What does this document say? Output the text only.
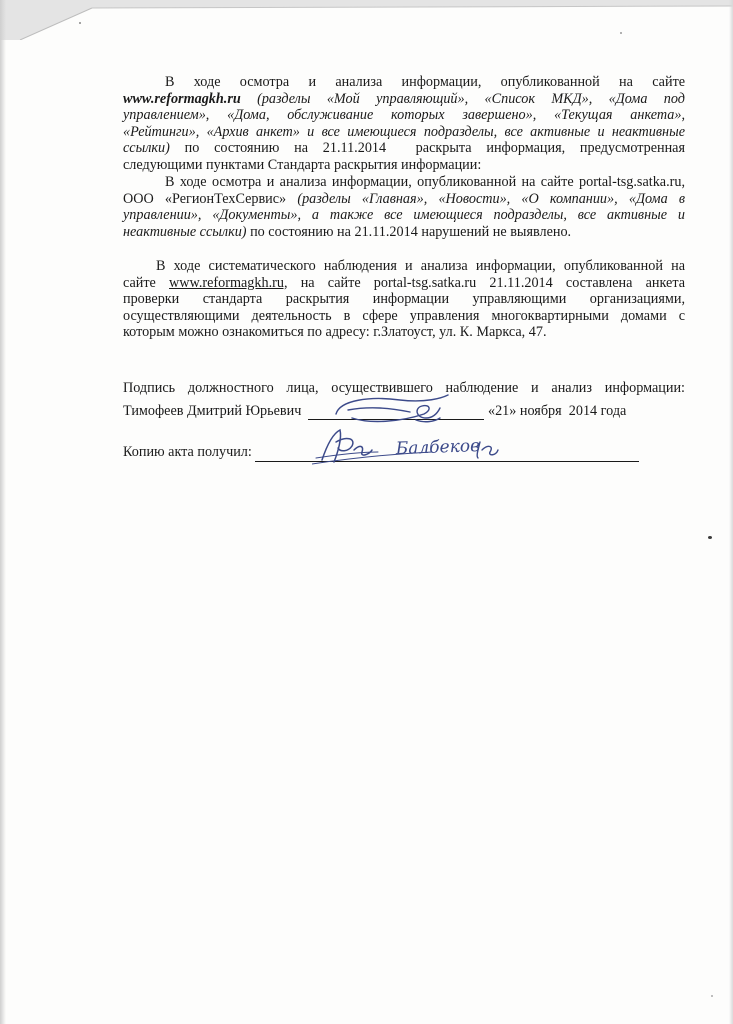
В ходе осмотра и анализа информации, опубликованной на сайте
www.reformagkh.ru (разделы «Мой управляющий», «Список МКД», «Дома под
управлением», «Дома, обслуживание которых завершено», «Текущая анкета»,
«Рейтинги», «Архив анкет» и все имеющиеся подразделы, все активные и неактивные
ссылки) по состоянию на 21.11.2014  раскрыта информация, предусмотренная
следующими пунктами Стандарта раскрытия информации:
В ходе осмотра и анализа информации, опубликованной на сайте portal-tsg.satka.ru,
ООО «РегионТехСервис» (разделы «Главная», «Новости», «О компании», «Дома в
управлении», «Документы», а также все имеющиеся подразделы, все активные и
неактивные ссылки) по состоянию на 21.11.2014 нарушений не выявлено.
В ходе систематического наблюдения и анализа информации, опубликованной на
сайте www.reformagkh.ru, на сайте portal-tsg.satka.ru 21.11.2014 составлена анкета
проверки стандарта раскрытия информации управляющими организациями,
осуществляющими деятельность в сфере управления многоквартирными домами с
которым можно ознакомиться по адресу: г.Златоуст, ул. К. Маркса, 47.
Подпись должностного лица, осуществившего наблюдение и анализ информации:
Тимофеев Дмитрий Юрьевич	«21» ноября  2014 года
Копию акта получил:	Балбеков
